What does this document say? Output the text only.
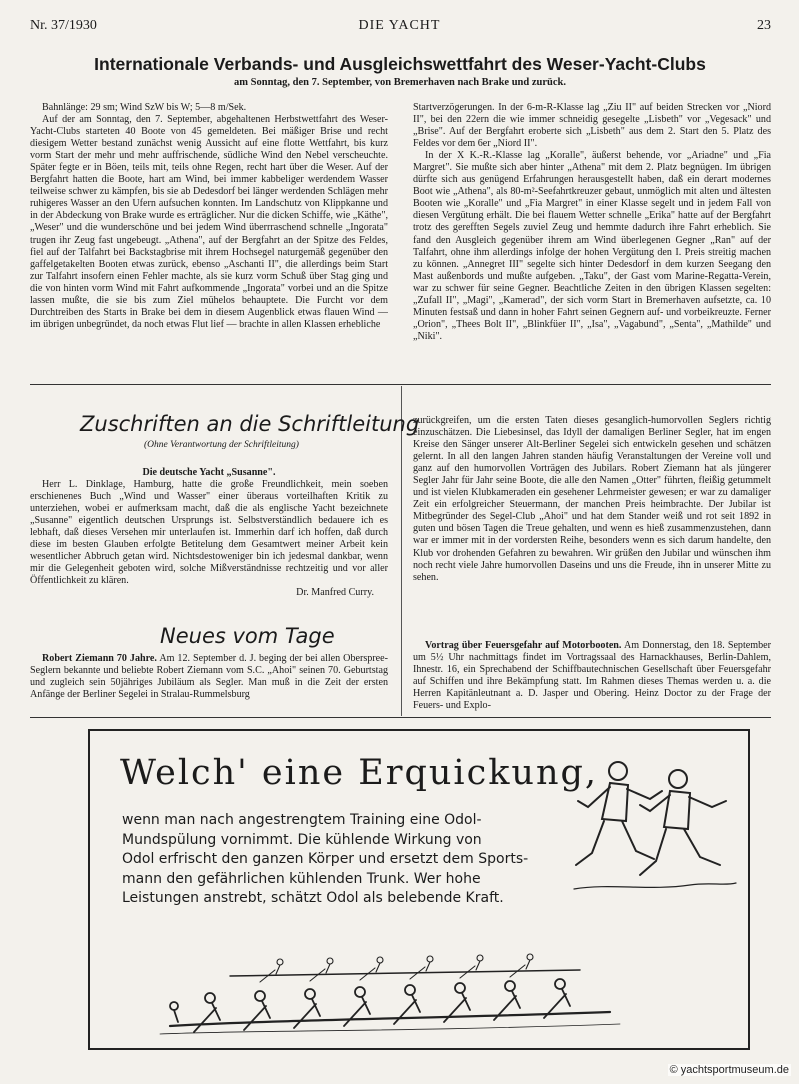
Nr. 37/1930	DIE YACHT	23
Internationale Verbands- und Ausgleichswettfahrt des Weser-Yacht-Clubs
am Sonntag, den 7. September, von Bremerhaven nach Brake und zurück.

Bahnlänge: 29 sm; Wind SzW bis W; 5—8 m/Sek.

Auf der am Sonntag, den 7. September, abgehaltenen Herbstwettfahrt des Weser-Yacht-Clubs starteten 40 Boote von 45 gemeldeten. Bei mäßiger Brise und recht diesigem Wetter bestand zunächst wenig Aussicht auf eine flotte Wettfahrt, bis kurz vorm Start der mehr und mehr auffrischende, südliche Wind den Nebel verscheuchte. Später fegte er in Böen, teils mit, teils ohne Regen, recht hart über die Weser. Auf der Bergfahrt hatten die Boote, hart am Wind, bei immer kabbeliger werdendem Wasser teilweise schwer zu kämpfen, bis sie ab Dedesdorf bei länger werdenden Schlägen mehr ruhigeres Wasser an den Ufern aufsuchen konnten. Im Landschutz von Klippkanne und in der Abdeckung von Brake wurde es erträglicher. Nur die dicken Schiffe, wie „Käthe", „Weser" und die wunderschöne und bei jedem Wind überrraschend schnelle „Ingorata" trugen ihr Zeug fast ungebeugt. „Athena", auf der Bergfahrt an der Spitze des Feldes, fiel auf der Talfahrt bei Backstagbrise mit ihrem Hochsegel naturgemäß gegenüber den gaffelgetakelten Booten etwas zurück, ebenso „Aschanti II", die allerdings beim Start zur Talfahrt insofern einen Fehler machte, als sie kurz vorm Schuß über Stag ging und die von hinten vorm Wind mit Fahrt aufkommende „Ingorata" vorbei und an die Spitze lassen mußte, die sie bis zum Ziel mühelos behauptete. Die Furcht vor dem Durchtreiben des Starts in Brake bei dem in diesem Augenblick etwas flauen Wind — im übrigen unbegründet, da noch etwas Flut lief — brachte in allen Klassen erhebliche

Startverzögerungen. In der 6-m-R-Klasse lag „Ziu II" auf beiden Strecken vor „Niord II", bei den 22ern die wie immer schneidig gesegelte „Lisbeth" vor „Vegesack" und „Brise". Auf der Bergfahrt eroberte sich „Lisbeth" aus dem 2. Start den 5. Platz des Feldes vor dem 6er „Niord II".

In der X K.-R.-Klasse lag „Koralle", äußerst behende, vor „Ariadne" und „Fia Margret". Sie mußte sich aber hinter „Athena" mit dem 2. Platz begnügen. Im übrigen dürfte sich aus genügend Erfahrungen herausgestellt haben, daß ein derart modernes Boot wie „Athena", als 80-m²-Seefahrtkreuzer gebaut, unmöglich mit alten und ältesten Booten wie „Koralle" und „Fia Margret" in einer Klasse segelt und in jedem Fall von diesen Vergütung erhält. Die bei flauem Wetter schnelle „Erika" hatte auf der Bergfahrt trotz des gerefften Segels zuviel Zeug und hemmte dadurch ihre Fahrt erheblich. Sie fand den Ausgleich gegenüber ihrem am Wind überlegenen Gegner „Ran" auf der Talfahrt, ohne ihm allerdings infolge der hohen Vergütung den I. Preis streitig machen zu können. „Annegret III" segelte sich hinter Dedesdorf in dem kurzen Seegang den Mast außenbords und mußte aufgeben. „Taku", der Gast vom Marine-Regatta-Verein, war zu schwer für seine Gegner. Beachtliche Zeiten in den übrigen Klassen segelten: „Zufall II", „Magi", „Kamerad", der sich vorm Start in Bremerhaven aufsetzte, ca. 10 Minuten festsaß und dann in hoher Fahrt seinen Gegnern auf- und vorbeikreuzte. Ferner „Orion", „Thees Bolt II", „Blinkfüer II", „Isa", „Vagabund", „Senta", „Mathilde" und „Niki".

Zuschriften an die Schriftleitung
(Ohne Verantwortung der Schriftleitung)

Die deutsche Yacht „Susanne".

Herr L. Dinklage, Hamburg, hatte die große Freundlichkeit, mein soeben erschienenes Buch „Wind und Wasser" einer überaus vorteilhaften Kritik zu unterziehen, wobei er aufmerksam macht, daß die als englische Yacht bezeichnete „Susanne" eigentlich deutschen Ursprungs ist. Selbstverständlich bedauere ich es lebhaft, daß dieses Versehen mir unterlaufen ist. Immerhin darf ich hoffen, daß durch diese im besten Glauben erfolgte Betitelung dem Gesamtwert meiner Arbeit kein wesentlicher Abbruch getan wird. Nichtsdestoweniger bin ich jedesmal dankbar, wenn mir die Gelegenheit geboten wird, solche Mißverständnisse rechtzeitig und vor aller Öffentlichkeit zu klären.

Dr. Manfred Curry.

zurückgreifen, um die ersten Taten dieses gesanglich-humorvollen Seglers richtig einzuschätzen. Die Liebesinsel, das Idyll der damaligen Berliner Segler, hat im engen Kreise den Sänger unserer Alt-Berliner Segelei sich entwickeln gesehen und schätzen gelernt. In all den langen Jahren standen häufig Veranstaltungen der Vereine voll und ganz auf den humorvollen Vorträgen des Jubilars. Robert Ziemann hat als jüngerer Segler Jahr für Jahr seine Boote, die alle den Namen „Otter" führten, fleißig getummelt und ist vielen Klubkameraden ein gesehener Lehrmeister gewesen; er war zu damaliger Zeit ein erfolgreicher Steuermann, der manchen Preis heimbrachte. Der Jubilar ist Mitbegründer des Segel-Club „Ahoi" und hat dem Stander weiß und rot seit 1892 in guten und bösen Tagen die Treue gehalten, und wenn es hieß zusammenzustehen, dann war er immer mit in der vordersten Reihe, besonders wenn es sich darum handelte, den Klub vor drohenden Gefahren zu bewahren. Wir grüßen den Jubilar und wünschen ihm noch recht viele Jahre humorvollen Daseins und uns die Freude, ihn in unserer Mitte zu sehen.

Neues vom Tage

Robert Ziemann 70 Jahre. Am 12. September d. J. beging der bei allen Oberspree-Seglern bekannte und beliebte Robert Ziemann vom S.C. „Ahoi" seinen 70. Geburtstag und zugleich sein 50jähriges Jubiläum als Segler. Man muß in die Zeit der ersten Anfänge der Berliner Segelei in Stralau-Rummelsburg

Vortrag über Feuersgefahr auf Motorbooten. Am Donnerstag, den 18. September um 5½ Uhr nachmittags findet im Vortragssaal des Harnackhauses, Berlin-Dahlem, Ihnestr. 16, ein Sprechabend der Schiffbautechnischen Gesellschaft über Feuersgefahr auf Schiffen und ihre Bekämpfung statt. Im Rahmen dieses Themas werden u. a. die Herren Kapitänleutnant a. D. Jasper und Obering. Heinz Doctor zu der Frage der Feuers- und Explo-

Welch' eine Erquickung,
wenn man nach angestrengtem Training eine Odol-
Mundspülung vornimmt. Die kühlende Wirkung von
Odol erfrischt den ganzen Körper und ersetzt dem Sports-
mann den gefährlichen kühlenden Trunk. Wer hohe
Leistungen anstrebt, schätzt Odol als belebende Kraft.
© yachtsportmuseum.de
